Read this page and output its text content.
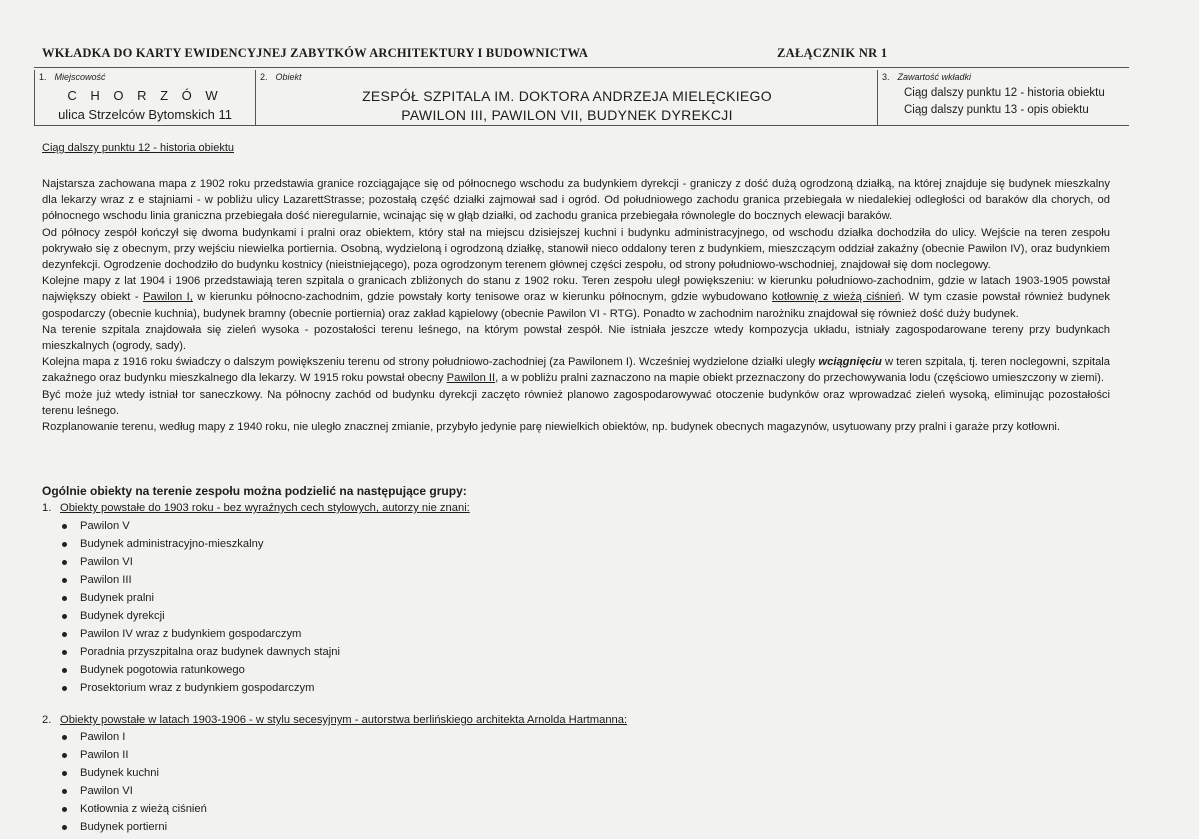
WKŁADKA DO KARTY EWIDENCYJNEJ ZABYTKÓW ARCHITEKTURY I BUDOWNICTWA	ZAŁĄCZNIK NR 1
1. Miejscowość
C H O R Z Ó W
ulica Strzelców Bytomskich 11
2. Obiekt
ZESPÓŁ SZPITALA IM. DOKTORA ANDRZEJA MIELĘCKIEGO
PAWILON III, PAWILON VII, BUDYNEK DYREKCJI
3. Zawartość wkładki
Ciąg dalszy punktu 12 - historia obiektu
Ciąg dalszy punktu 13 - opis obiektu
Ciąg dalszy punktu 12 - historia obiektu
Najstarsza zachowana mapa z 1902 roku przedstawia granice rozciągające się od północnego wschodu za budynkiem dyrekcji - graniczy z dość dużą ogrodzoną działką, na której znajduje się budynek mieszkalny dla lekarzy wraz z e stajniami - w pobliżu ulicy LazarettStrasse; pozostałą część działki zajmował sad i ogród. Od południowego zachodu granica przebiegała w niedalekiej odległości od baraków dla chorych, od północnego wschodu linia graniczna przebiegała dość nieregularnie, wcinając się w głąb działki, od zachodu granica przebiegała równolegle do bocznych elewacji baraków.
Od północy zespół kończył się dwoma budynkami i pralni oraz obiektem, który stał na miejscu dzisiejszej kuchni i budynku administracyjnego, od wschodu działka dochodziła do ulicy. Wejście na teren zespołu pokrywało się z obecnym, przy wejściu niewielka portiernia. Osobną, wydzieloną i ogrodzoną działkę, stanowił nieco oddalony teren z budynkiem, mieszczącym oddział zakaźny (obecnie Pawilon IV), oraz budynkiem dezynfekcji. Ogrodzenie dochodziło do budynku kostnicy (nieistniejącego), poza ogrodzonym terenem głównej części zespołu, od strony południowo-wschodniej, znajdował się dom noclegowy.
Kolejne mapy z lat 1904 i 1906 przedstawiają teren szpitala o granicach zbliżonych do stanu z 1902 roku. Teren zespołu uległ powiększeniu: w kierunku południowo-zachodnim, gdzie w latach 1903-1905 powstał największy obiekt - Pawilon I, w kierunku północno-zachodnim, gdzie powstały korty tenisowe oraz w kierunku północnym, gdzie wybudowano kotłownię z wieżą ciśnień. W tym czasie powstał również budynek gospodarczy (obecnie kuchnia), budynek bramny (obecnie portiernia) oraz zakład kąpielowy (obecnie Pawilon VI - RTG). Ponadto w zachodnim narożniku znajdował się również dość duży budynek.
Na terenie szpitala znajdowała się zieleń wysoka - pozostałości terenu leśnego, na którym powstał zespół. Nie istniała jeszcze wtedy kompozycja układu, istniały zagospodarowane tereny przy budynkach mieszkalnych (ogrody, sady).
Kolejna mapa z 1916 roku świadczy o dalszym powiększeniu terenu od strony południowo-zachodniej (za Pawilonem I). Wcześniej wydzielone działki uległy wciągnięciu w teren szpitala, tj. teren noclegowni, szpitala zakaźnego oraz budynku mieszkalnego dla lekarzy. W 1915 roku powstał obecny Pawilon II, a w pobliżu pralni zaznaczono na mapie obiekt przeznaczony do przechowywania lodu (częściowo umieszczony w ziemi).
Być może już wtedy istniał tor saneczkowy. Na północny zachód od budynku dyrekcji zaczęto również planowo zagospodarowywać otoczenie budynków oraz wprowadzać zieleń wysoką, eliminując pozostałości terenu leśnego.
Rozplanowanie terenu, według mapy z 1940 roku, nie uległo znacznej zmianie, przybyło jedynie parę niewielkich obiektów, np. budynek obecnych magazynów, usytuowany przy pralni i garaże przy kotłowni.
Ogólnie obiekty na terenie zespołu można podzielić na następujące grupy:
1. Obiekty powstałe do 1903 roku - bez wyraźnych cech stylowych, autorzy nie znani:
Pawilon V
Budynek administracyjno-mieszkalny
Pawilon VI
Pawilon III
Budynek pralni
Budynek dyrekcji
Pawilon IV wraz z budynkiem gospodarczym
Poradnia przyszpitalna oraz budynek dawnych stajni
Budynek pogotowia ratunkowego
Prosektorium wraz z budynkiem gospodarczym
2. Obiekty powstałe w latach 1903-1906 - w stylu secesyjnym - autorstwa berlińskiego architekta Arnolda Hartmanna:
Pawilon I
Pawilon II
Budynek kuchni
Pawilon VI
Kotłownia z wieżą ciśnień
Budynek portierni
